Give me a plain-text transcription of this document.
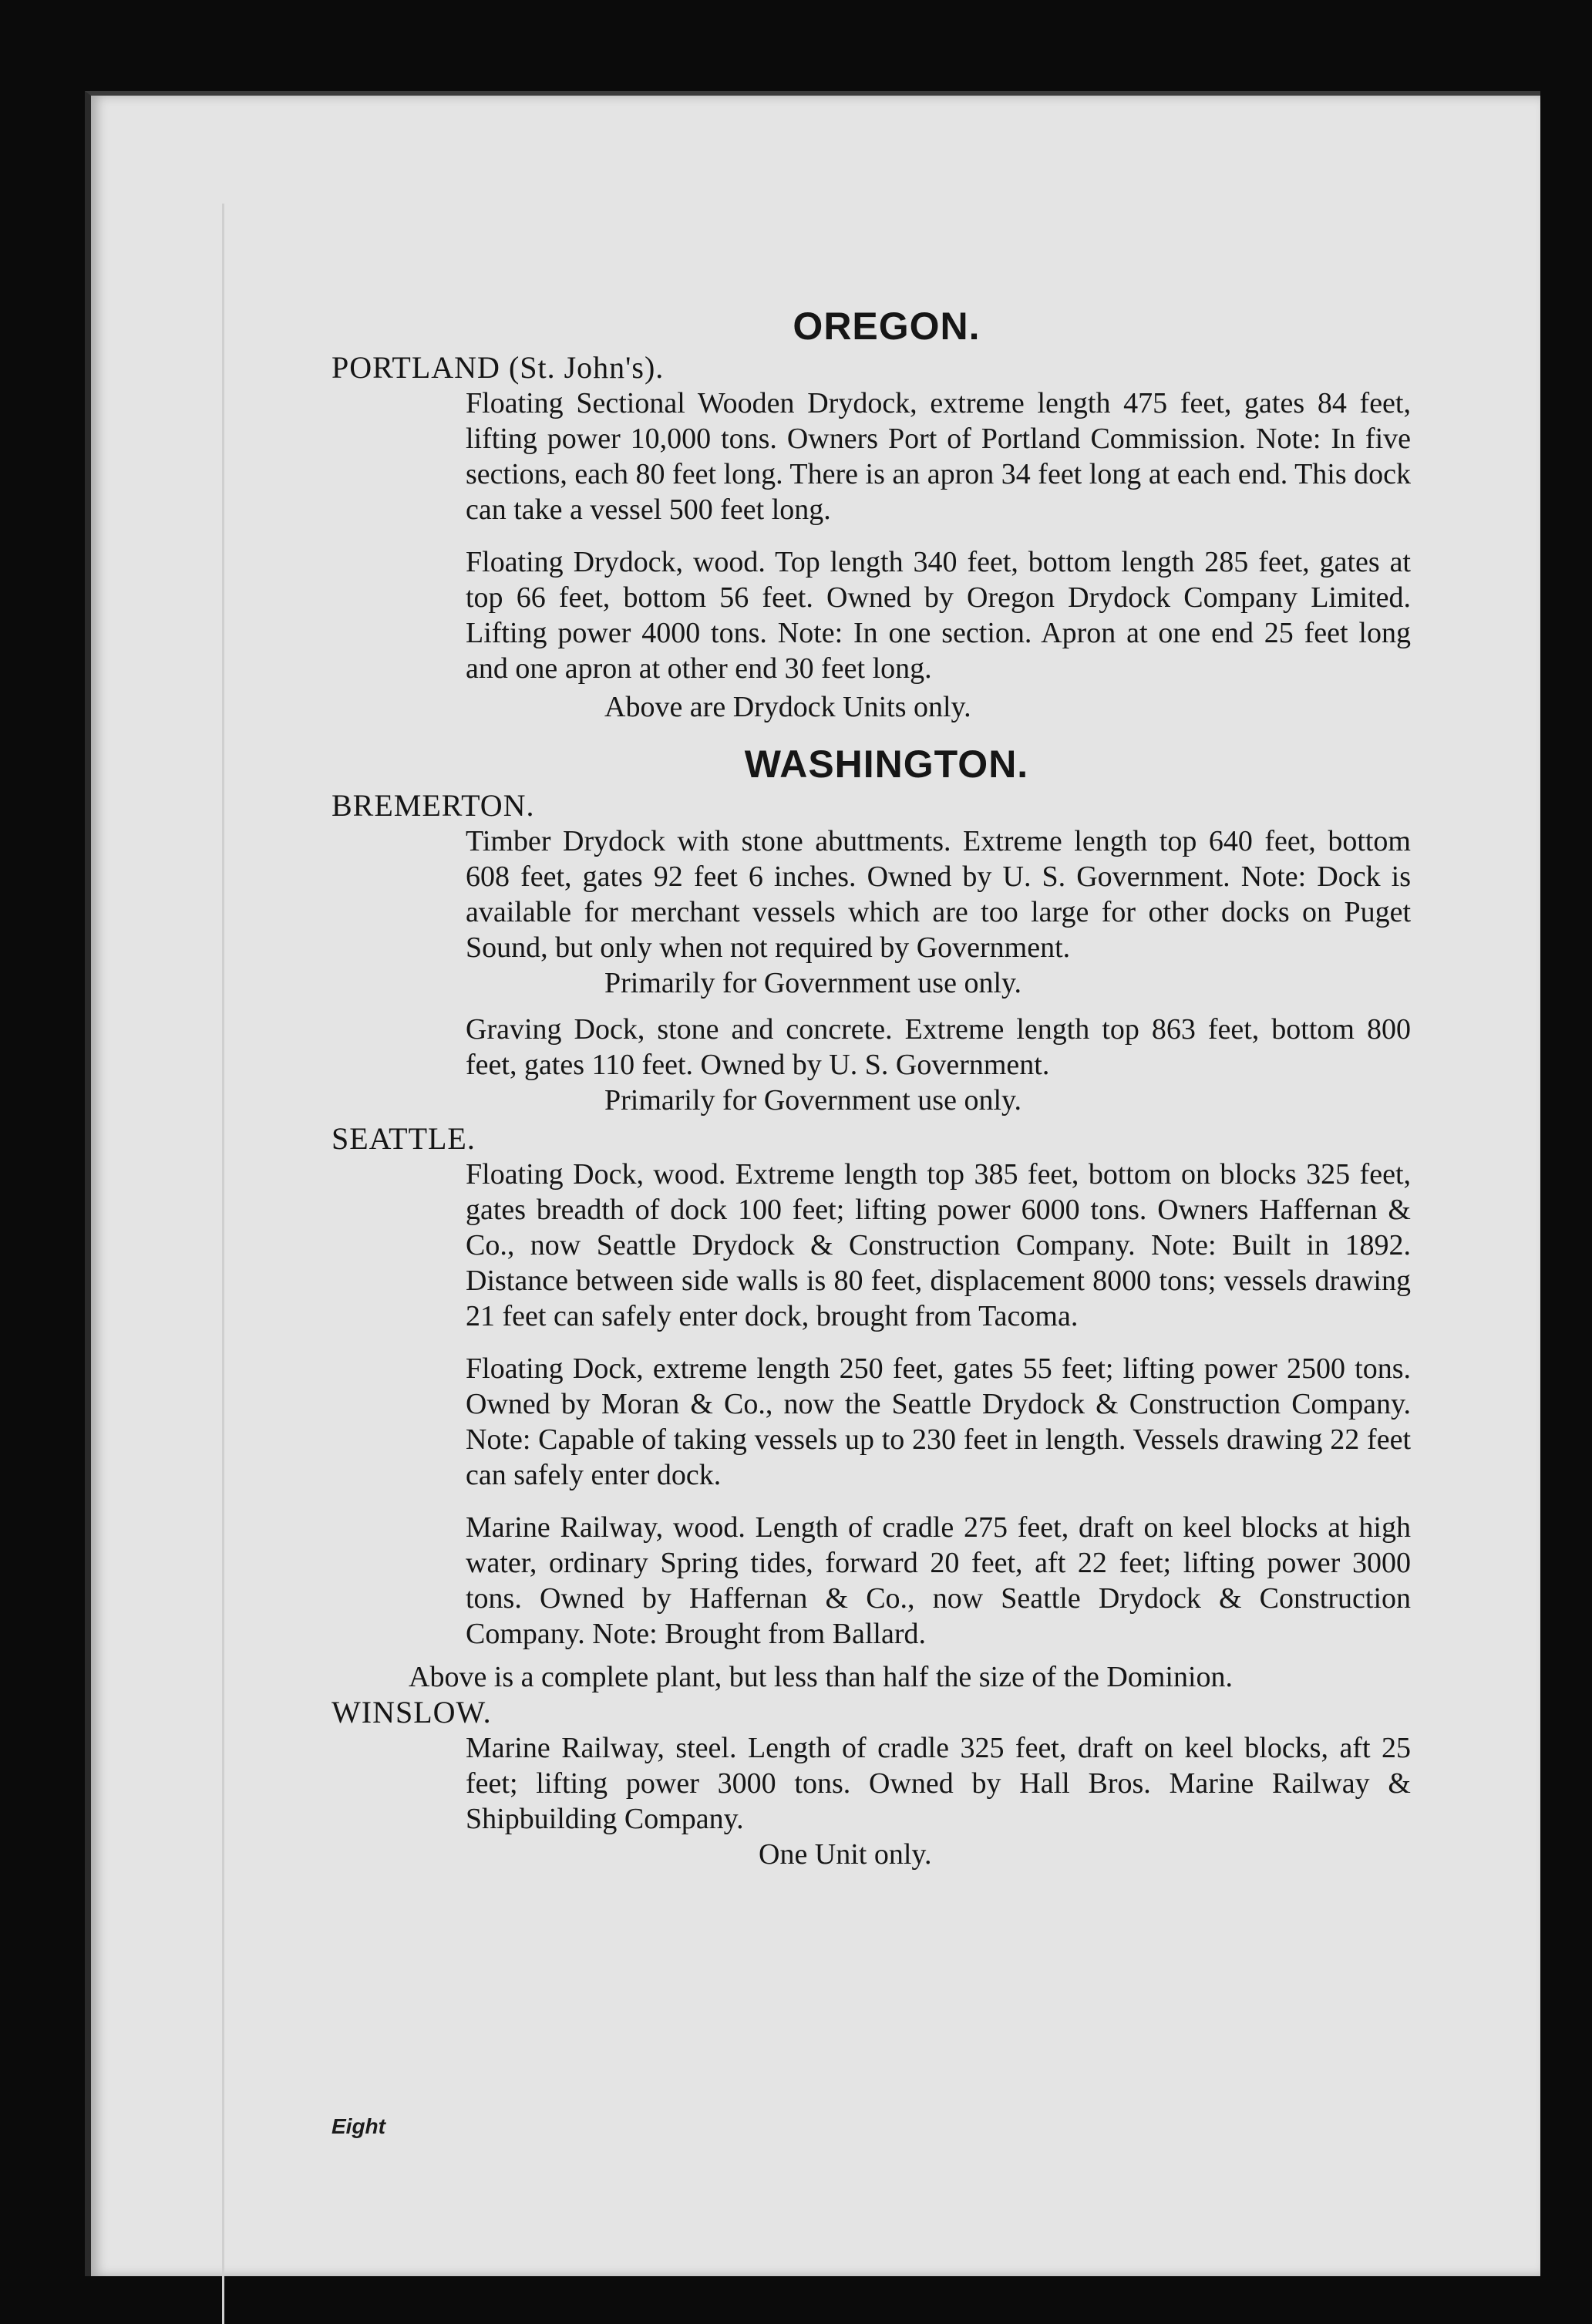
OREGON.

PORTLAND (St. John's).

Floating Sectional Wooden Drydock, extreme length 475 feet, gates 84 feet, lifting power 10,000 tons. Owners Port of Portland Commission. Note: In five sections, each 80 feet long. There is an apron 34 feet long at each end. This dock can take a vessel 500 feet long.

Floating Drydock, wood. Top length 340 feet, bottom length 285 feet, gates at top 66 feet, bottom 56 feet. Owned by Oregon Drydock Company Limited. Lifting power 4000 tons. Note: In one section. Apron at one end 25 feet long and one apron at other end 30 feet long.

Above are Drydock Units only.

WASHINGTON.

BREMERTON.

Timber Drydock with stone abuttments. Extreme length top 640 feet, bottom 608 feet, gates 92 feet 6 inches. Owned by U. S. Government. Note: Dock is available for merchant vessels which are too large for other docks on Puget Sound, but only when not required by Government.

Primarily for Government use only.

Graving Dock, stone and concrete. Extreme length top 863 feet, bottom 800 feet, gates 110 feet. Owned by U. S. Government.

Primarily for Government use only.

SEATTLE.

Floating Dock, wood. Extreme length top 385 feet, bottom on blocks 325 feet, gates breadth of dock 100 feet; lifting power 6000 tons. Owners Haffernan & Co., now Seattle Drydock & Construction Company. Note: Built in 1892. Distance between side walls is 80 feet, displacement 8000 tons; vessels drawing 21 feet can safely enter dock, brought from Tacoma.

Floating Dock, extreme length 250 feet, gates 55 feet; lifting power 2500 tons. Owned by Moran & Co., now the Seattle Drydock & Construction Company. Note: Capable of taking vessels up to 230 feet in length. Vessels drawing 22 feet can safely enter dock.

Marine Railway, wood. Length of cradle 275 feet, draft on keel blocks at high water, ordinary Spring tides, forward 20 feet, aft 22 feet; lifting power 3000 tons. Owned by Haffernan & Co., now Seattle Drydock & Construction Company. Note: Brought from Ballard.

Above is a complete plant, but less than half the size of the Dominion.

WINSLOW.

Marine Railway, steel. Length of cradle 325 feet, draft on keel blocks, aft 25 feet; lifting power 3000 tons. Owned by Hall Bros. Marine Railway & Shipbuilding Company.

One Unit only.

Eight
